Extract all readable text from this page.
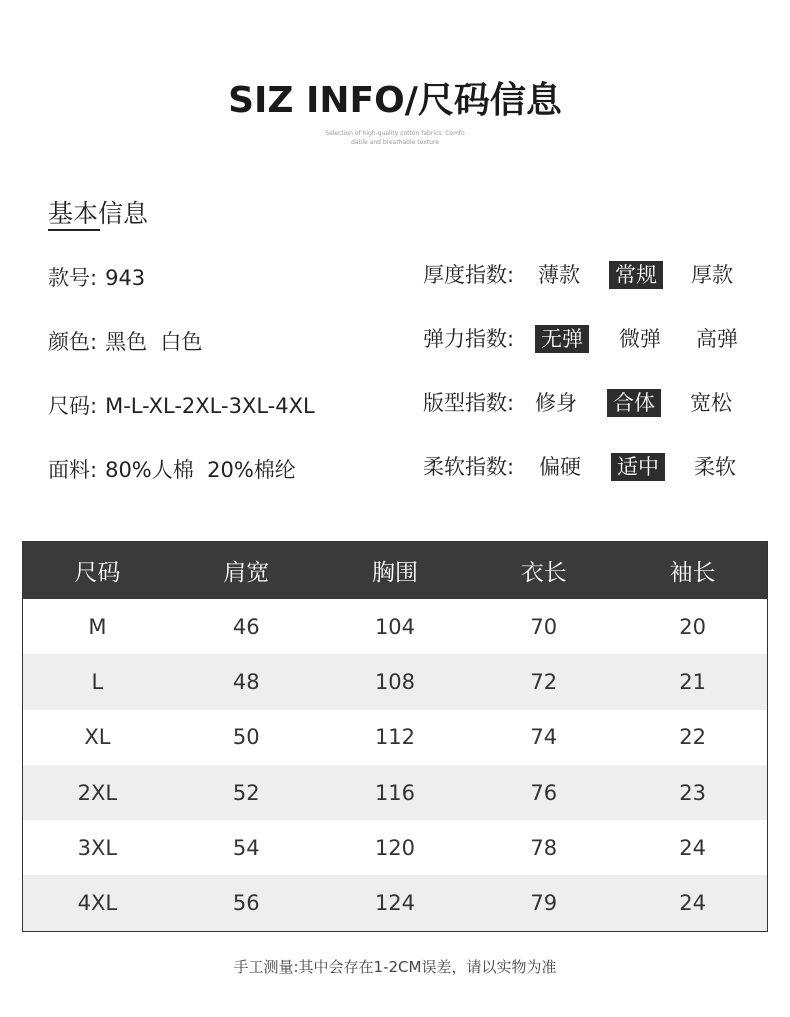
SIZ INFO/尺码信息
Selection of high-quality cotton fabrics. Comfo
dable and breathable texture
基本信息
款号: 943
颜色: 黑色  白色
尺码: M-L-XL-2XL-3XL-4XL
面料: 80%人棉  20%棉纶
厚度指数: 薄款 常规 厚款
弹力指数: 无弹 微弹 高弹
版型指数: 修身 合体 宽松
柔软指数: 偏硬 适中 柔软
尺码	肩宽	胸围	衣长	袖长
M	46	104	70	20
L	48	108	72	21
XL	50	112	74	22
2XL	52	116	76	23
3XL	54	120	78	24
4XL	56	124	79	24
手工测量:其中会存在1-2CM误差，请以实物为准
